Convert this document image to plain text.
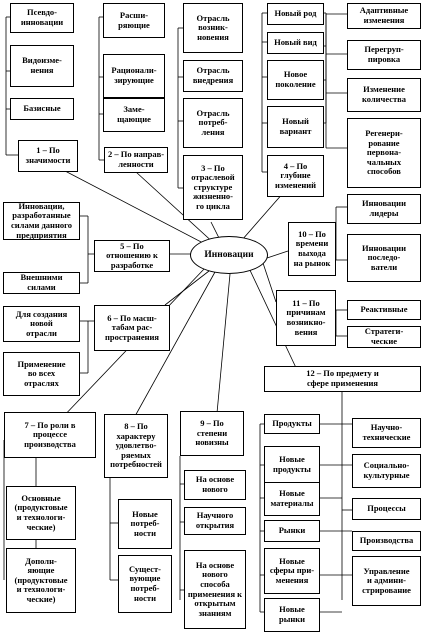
Инновации
Псевдо-
инновации
Видоизме-
нения
Базисные
1 – По
значимости
Расши-
ряющие
Рационали-
зирующие
Заме-
щающие
2 – По направ-
ленности
Отрасль возник-
новения
Отрасль
внедрения
Отрасль
потреб-
ления
3 – По
отраслевой
структуре
жизненно-
го цикла
Новый род
Новый вид
Новое
поколение
Новый
вариант
4 – По
глубине
изменений
Адаптивные
изменения
Перегруп-
пировка
Изменение
количества
Регенери-
рование
первона-
чальных
способов
Инновации
лидеры
Инновации
последо-
ватели
10 – По
времени
выхода
на рынок
Инновации,
разработанные
силами данного
предприятия
5 – По
отношению к
разработке
Внешними
силами
11 – По
причинам
возникно-
вения
Реактивные
Стратеги-
ческие
Для создания
новой
отрасли
6 – По масш-
табам рас-
пространения
Применение
во всех
отраслях
12 – По предмету и
сфере применения
7 – По роли в
процессе
производства
Основные
(продуктовые
и технологи-
ческие)
Дополн-
яющие
(продуктовые
и технологи-
ческие)
8 – По
характеру
удовлетво-
ряемых
потребностей
Новые
потреб-
ности
Сущест-
вующие
потреб-
ности
9 – По
степени
новизны
На основе
нового
Научного
открытия
На основе
нового
способа
применения к
открытым
знаниям
Продукты
Новые
продукты
Новые
материалы
Рынки
Новые
сферы при-
менения
Новые
рынки
Научно-
технические
Социально-
культурные
Процессы
Производства
Управление
и админи-
стрирование
